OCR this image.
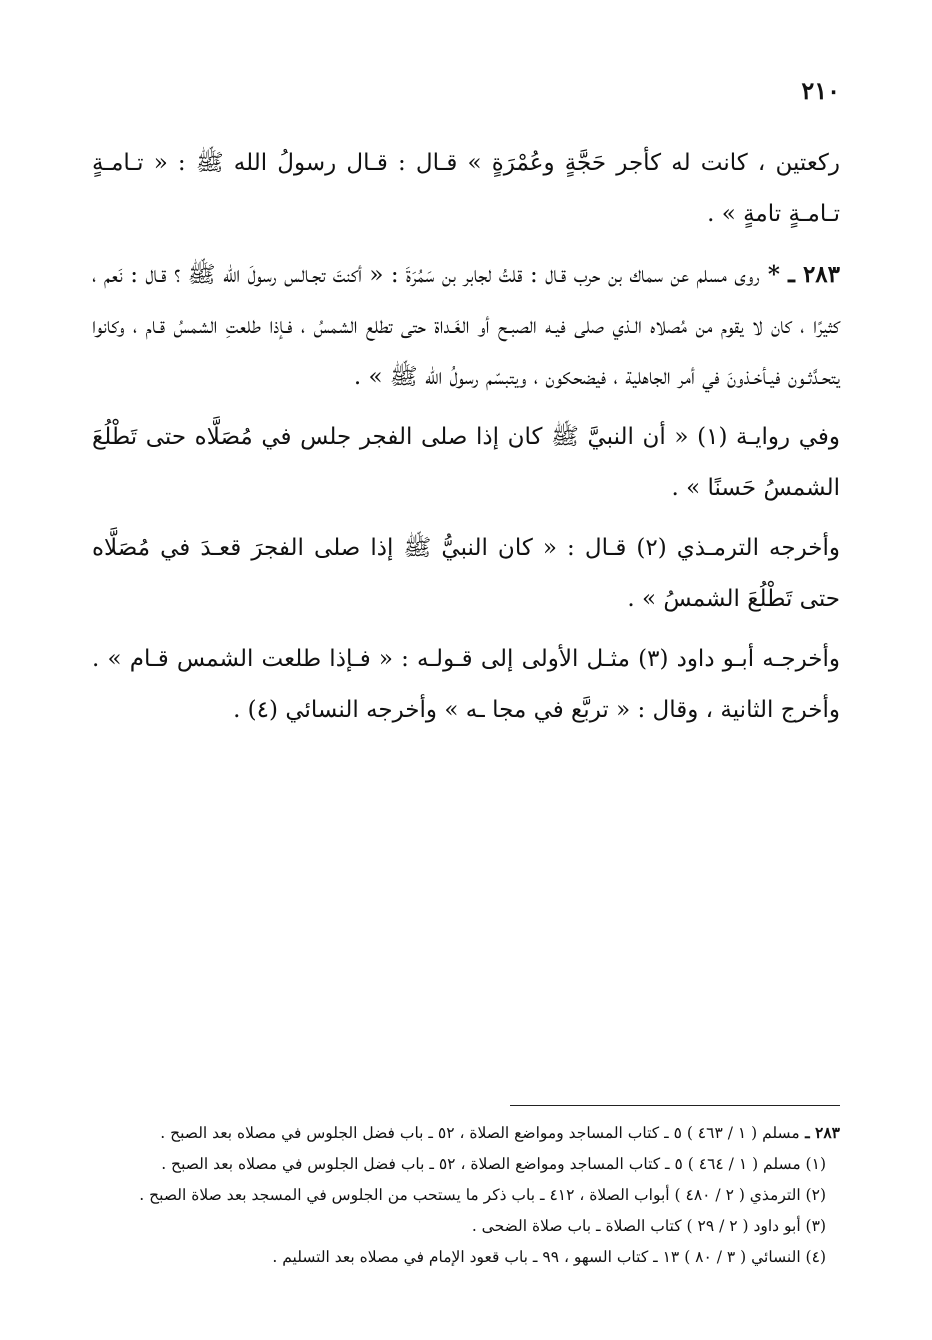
٢١٠

ركعتين ، كانت له كأجر حَجَّةٍ وعُمْرَةٍ » قـال : قـال رسولُ الله ﷺ : « تـامـةٍ تـامـةٍ تامةٍ » .

٢٨٣ ـ * روى مسلم عن سماك بن حرب قـال : قلتُ لجابر بن سَمُرَةَ : « أكنتَ تجـالس رسولَ الله ﷺ ؟ قـال : نَعم ، كثيرًا ، كان لا يقوم من مُصلاه الـذي صلى فيـه الصبـح أو الغَـداة حتى تطلع الشمسُ ، فـإذا طلعتِ الشمسُ قـام ، وكانوا يتحـدَّثـون فيـأخـذونَ في أمر الجاهلية ، فيضحكون ، ويتبسّم رسولُ الله ﷺ » .

وفي روايـة (١) « أن النبيَّ ﷺ كان إذا صلى الفجر جلس في مُصَلَّاه حتى تَطْلُعَ الشمسُ حَسنًا » .

وأخرجه الترمـذي (٢) قـال : « كان النبيُّ ﷺ إذا صلى الفجرَ قعـدَ في مُصَلَّاه حتى تَطْلُعَ الشمسُ » .

وأخرجـه أبـو داود (٣) مثـل الأولى إلى قـولـه : « فـإذا طلعت الشمس قـام » . وأخرج الثانية ، وقال : « تربَّع في مجا ـه » وأخرجه النسائي (٤) .

٢٨٣ ـ مسلم ( ١ / ٤٦٣ ) ٥ ـ كتاب المساجد ومواضع الصلاة ، ٥٢ ـ باب فضل الجلوس في مصلاه بعد الصبح .

(١) مسلم ( ١ / ٤٦٤ ) ٥ ـ كتاب المساجد ومواضع الصلاة ، ٥٢ ـ باب فضل الجلوس في مصلاه بعد الصبح .

(٢) الترمذي ( ٢ / ٤٨٠ ) أبواب الصلاة ، ٤١٢ ـ باب ذكر ما يستحب من الجلوس في المسجد بعد صلاة الصبح .

(٣) أبو داود ( ٢ / ٢٩ ) كتاب الصلاة ـ باب صلاة الضحى .

(٤) النسائي ( ٣ / ٨٠ ) ١٣ ـ كتاب السهو ، ٩٩ ـ باب قعود الإمام في مصلاه بعد التسليم .
